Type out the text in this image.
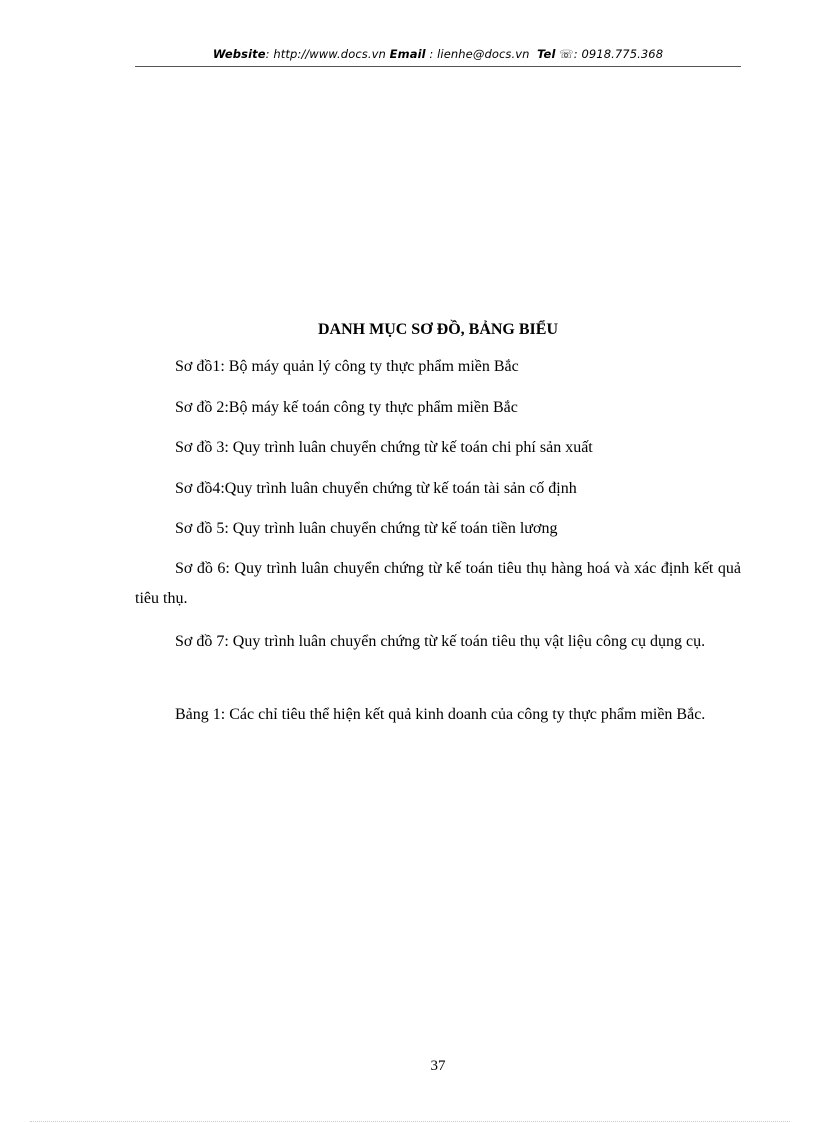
Website: http://www.docs.vn Email : lienhe@docs.vn Tel ☏: 0918.775.368
DANH MỤC SƠ ĐỒ, BẢNG BIỂU
Sơ đồ1: Bộ máy quản lý công ty thực phẩm miền Bắc
Sơ đồ 2:Bộ máy kế toán công ty thực phẩm miền Bắc
Sơ đồ 3: Quy trình luân chuyển chứng từ kế toán chi phí sản xuất
Sơ đồ4:Quy trình luân chuyển chứng từ kế toán tài sản cố định
Sơ đồ 5: Quy trình luân chuyển chứng từ kế toán tiền lương
Sơ đồ 6: Quy trình luân chuyển chứng từ kế toán tiêu thụ hàng hoá và xác định kết quả tiêu thụ.
Sơ đồ 7: Quy trình luân chuyển chứng từ kế toán tiêu thụ vật liệu công cụ dụng cụ.
Bảng 1: Các chỉ tiêu thể hiện kết quả kinh doanh của công ty thực phẩm miền Bắc.
37
